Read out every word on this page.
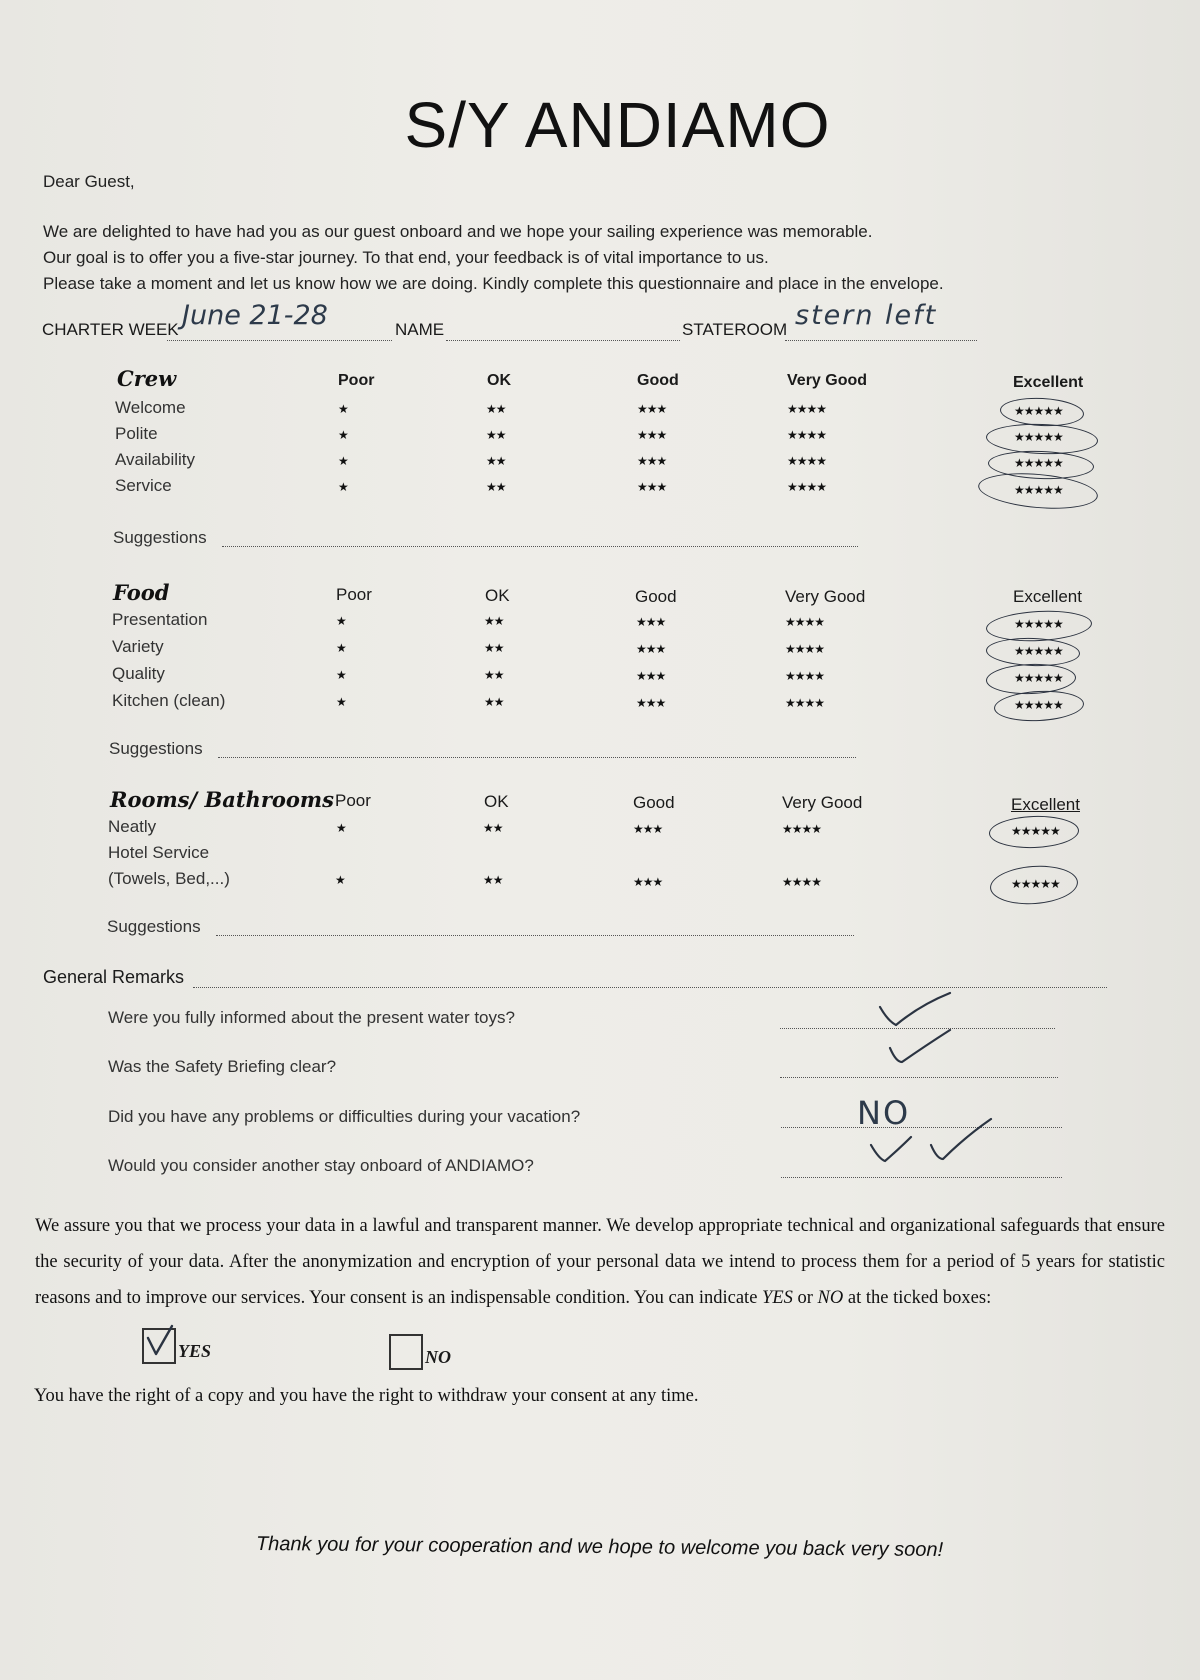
S/Y ANDIAMO
Dear Guest,
We are delighted to have had you as our guest onboard and we hope your sailing experience was memorable.
Our goal is to offer you a five-star journey. To that end, your feedback is of vital importance to us.
Please take a moment and let us know how we are doing. Kindly complete this questionnaire and place in the envelope.
CHARTER WEEK June 21-28	NAME	STATEROOM stern left
Crew	Poor	OK	Good	Very Good	Excellent
Welcome	★	★★	★★★	★★★★	★★★★★
Polite	★	★★	★★★	★★★★	★★★★★
Availability	★	★★	★★★	★★★★	★★★★★
Service	★	★★	★★★	★★★★	★★★★★
Suggestions
Food	Poor	OK	Good	Very Good	Excellent
Presentation	★	★★	★★★	★★★★	★★★★★
Variety	★	★★	★★★	★★★★	★★★★★
Quality	★	★★	★★★	★★★★	★★★★★
Kitchen (clean)	★	★★	★★★	★★★★	★★★★★
Suggestions
Rooms/ Bathrooms Poor	OK	Good	Very Good	Excellent
Neatly	★	★★	★★★	★★★★	★★★★★
Hotel Service
(Towels, Bed,...)	★	★★	★★★	★★★★	★★★★★
Suggestions
General Remarks
Were you fully informed about the present water toys?
Was the Safety Briefing clear?
Did you have any problems or difficulties during your vacation?
Would you consider another stay onboard of ANDIAMO?
NO
We assure you that we process your data in a lawful and transparent manner. We develop appropriate technical and organizational safeguards that ensure the security of your data. After the anonymization and encryption of your personal data we intend to process them for a period of 5 years for statistic reasons and to improve our services. Your consent is an indispensable condition. You can indicate YES or NO at the ticked boxes:
YES	NO
You have the right of a copy and you have the right to withdraw your consent at any time.
Thank you for your cooperation and we hope to welcome you back very soon!
